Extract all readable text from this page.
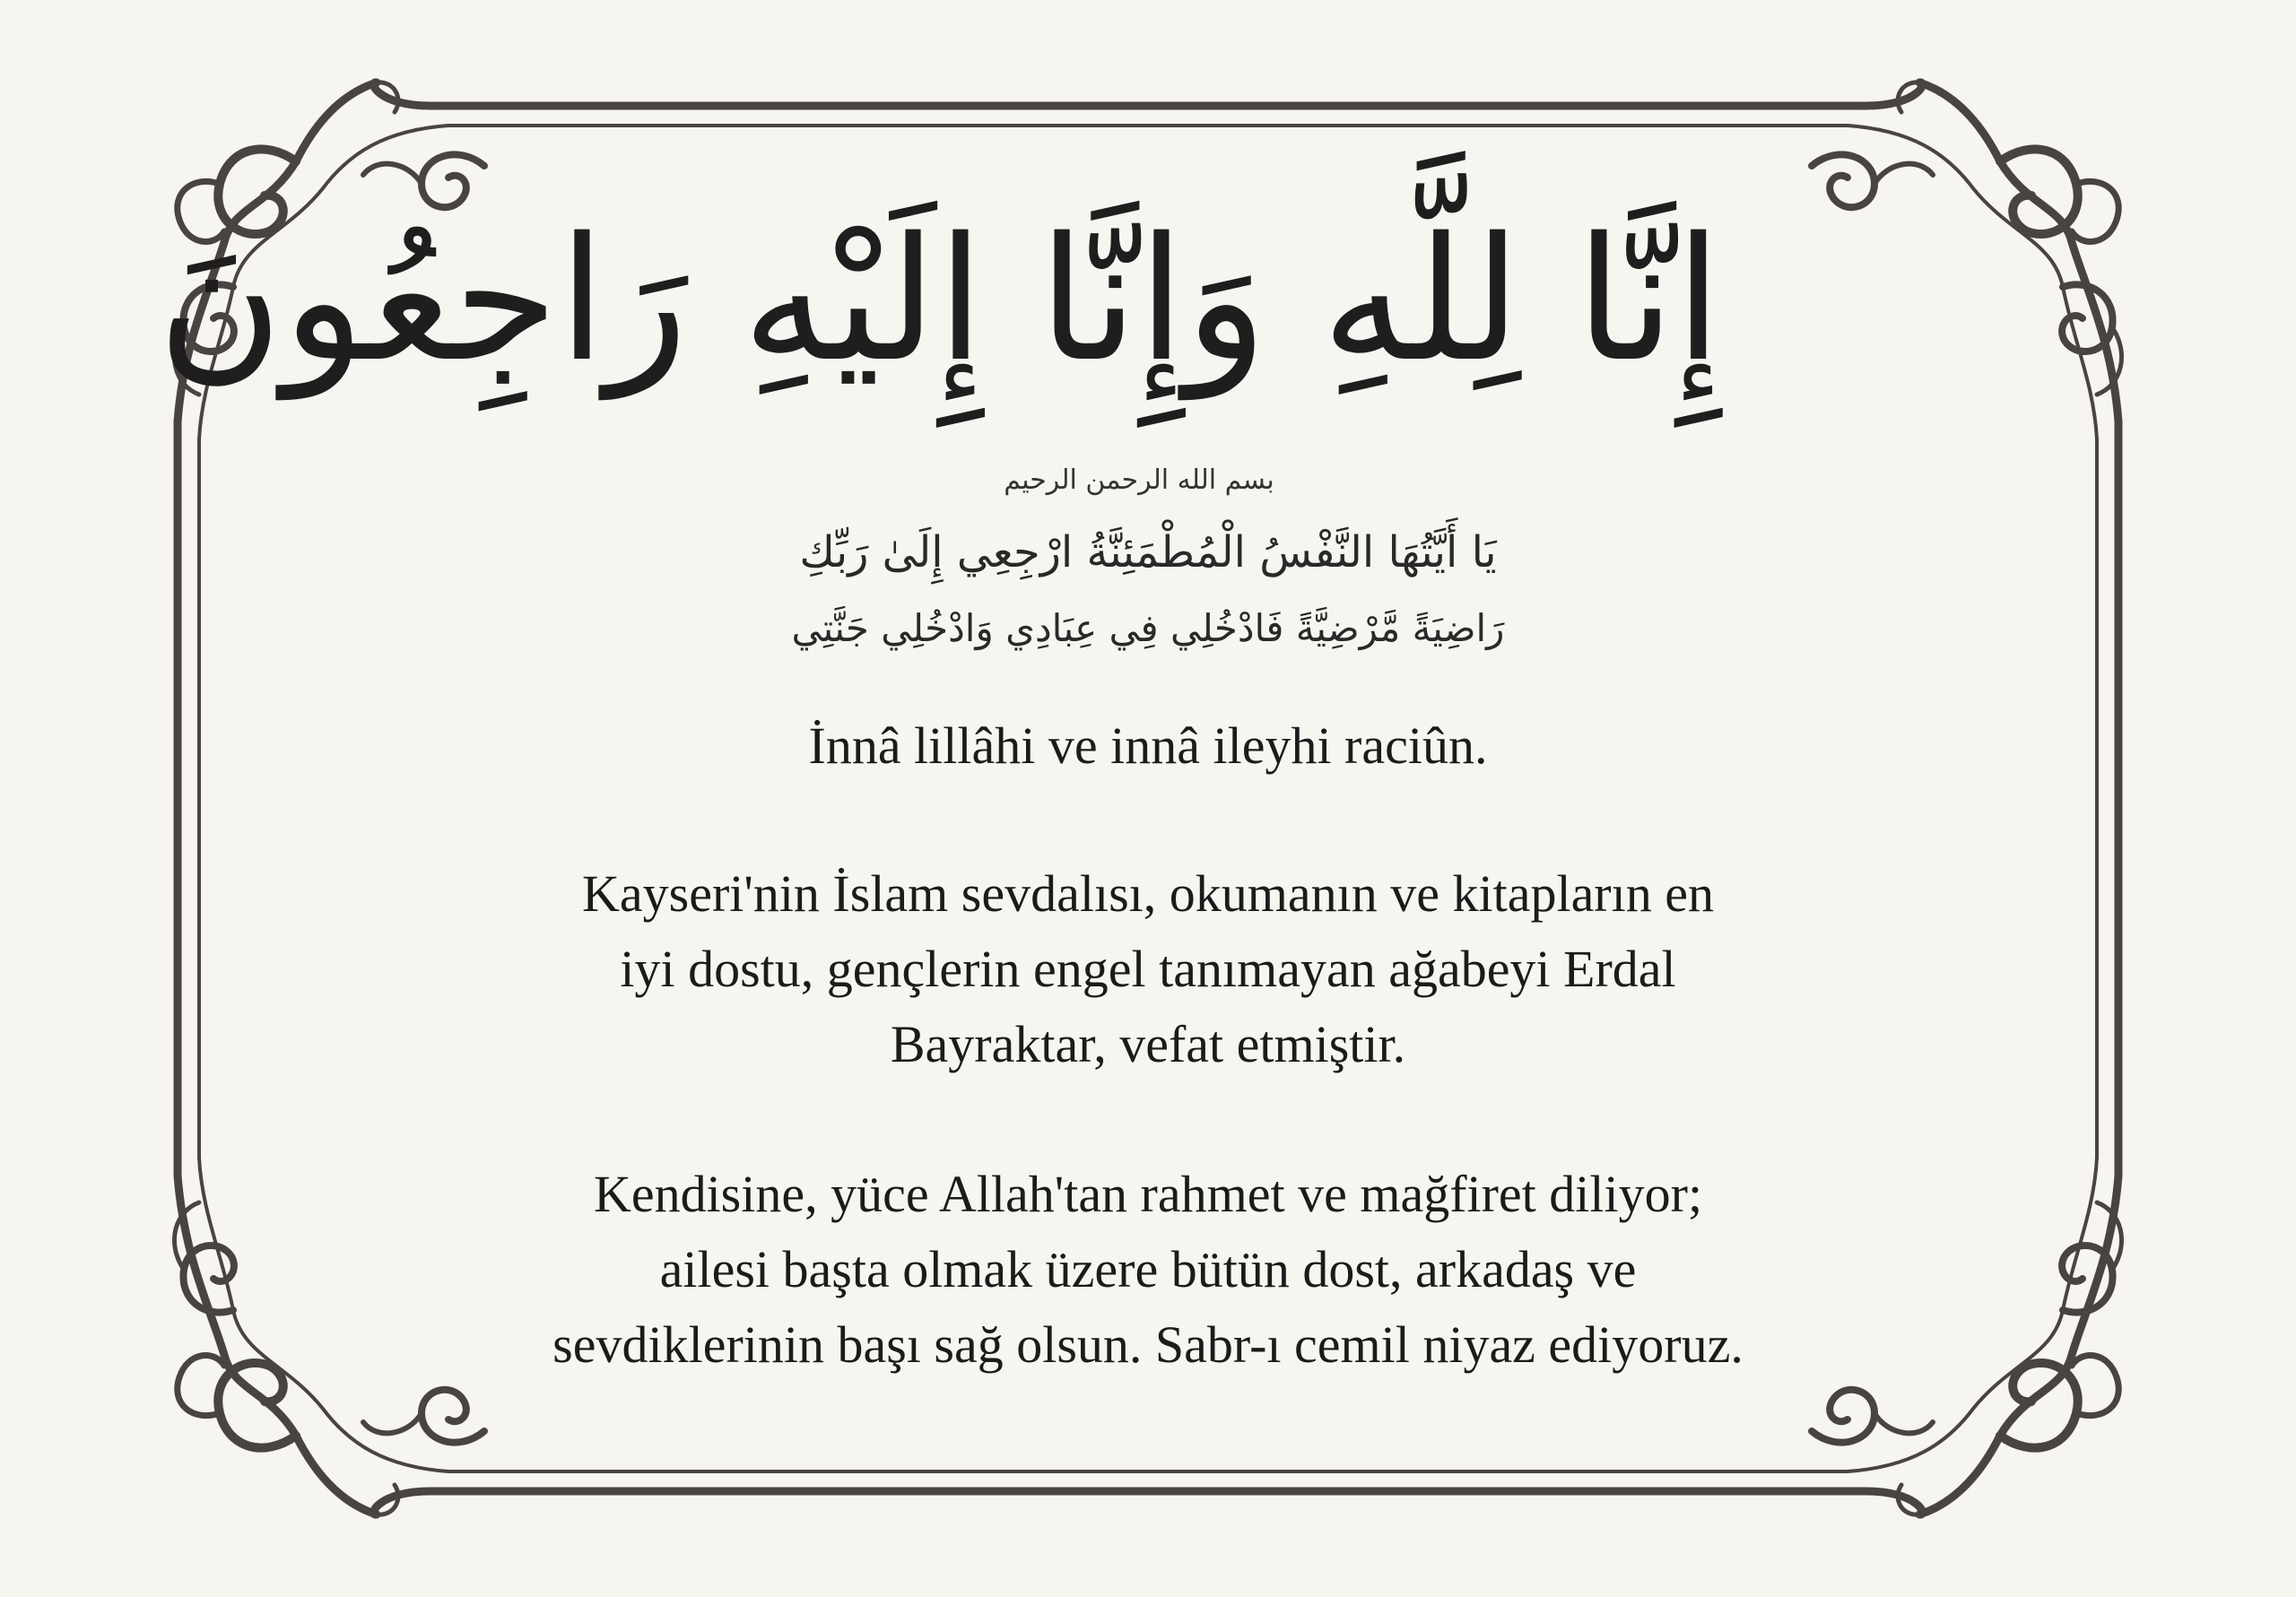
إِنَّا لِلَّهِ وَإِنَّا إِلَيْهِ رَاجِعُونَ
بسم الله الرحمن الرحيم
يَا أَيَّتُهَا النَّفْسُ الْمُطْمَئِنَّةُ ارْجِعِي إِلَىٰ رَبِّكِ
رَاضِيَةً مَّرْضِيَّةً فَادْخُلِي فِي عِبَادِي وَادْخُلِي جَنَّتِي
İnnâ lillâhi ve innâ ileyhi raciûn.
Kayseri'nin İslam sevdalısı, okumanın ve kitapların en
iyi dostu, gençlerin engel tanımayan ağabeyi Erdal
Bayraktar, vefat etmiştir.
Kendisine, yüce Allah'tan rahmet ve mağfiret diliyor;
ailesi başta olmak üzere bütün dost, arkadaş ve
sevdiklerinin başı sağ olsun. Sabr-ı cemil niyaz ediyoruz.
